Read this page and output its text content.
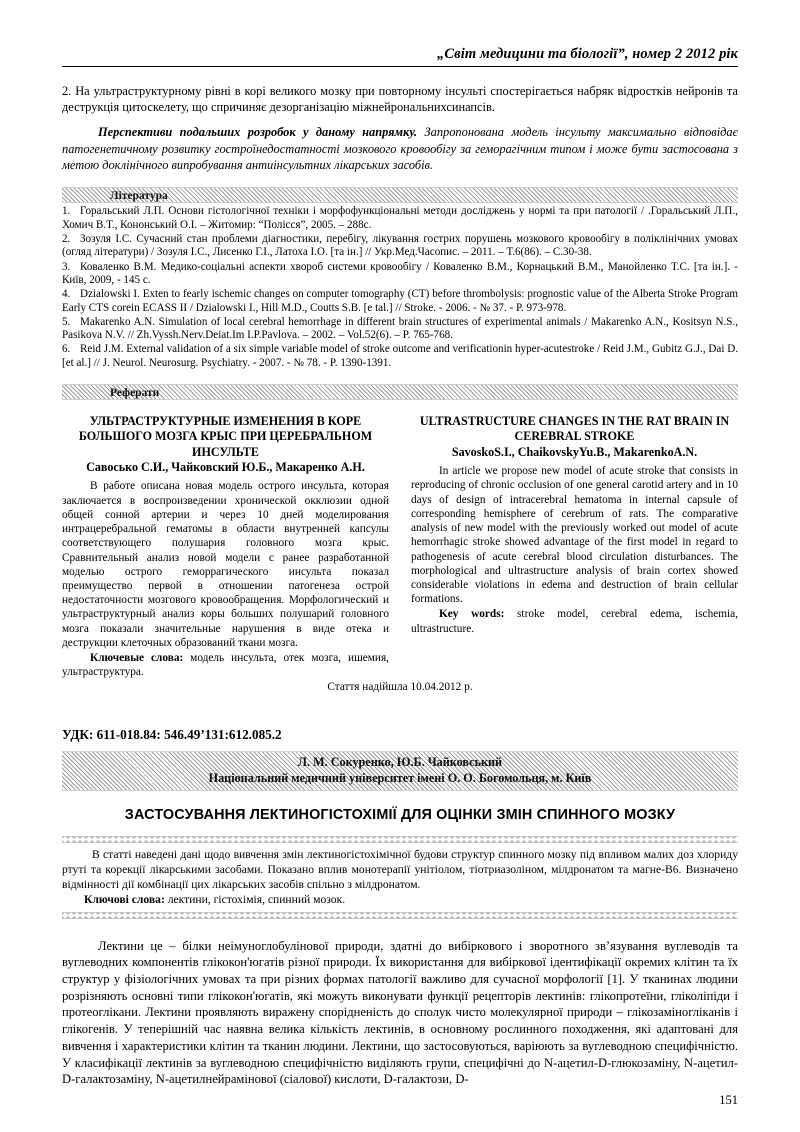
„Світ медицини та біології”, номер 2 2012 рік

2. На ультраструктурному рівні в корі великого мозку при повторному інсульті спостерігається набряк відростків нейронів та деструкція цитоскелету, що спричиняє дезорганізацію міжнейрональнихсинапсів.

Перспективи подальших розробок у даному напрямку. Запропонована модель інсульту максимально відповідає патогенетичному розвитку гостроїнедостатності мозкового кровообігу за геморагічним типом і може бути застосована з метою доклінічного випробування антиінсультних лікарських засобів.

Література

1. Горальський Л.П. Основи гістологічної техніки і морфофункціональні методи досліджень у нормі та при патології / .Горальський Л.П., Хомич В.Т., Кононський О.І. – Житомир: “Полісся”, 2005. – 288с.

2. Зозуля І.С. Сучасний стан проблеми діагностики, перебігу, лікування гострих порушень мозкового кровообігу в поліклінічних умовах (огляд літератури) / Зозуля І.С., Лисенко Г.І., Латоха І.О. [та ін.] // Укр.Мед.Часопис. – 2011. – Т.6(86). – С.30-38.

3. Коваленко В.М. Медико-соціальні аспекти хвороб системи кровообігу / Коваленко В.М., Корнацький В.М., Манойленко Т.С. [та ін.]. - Київ, 2009, - 145 с.

4. Dzialowski I. Exten to fearly ischemic changes on computer tomography (CT) before thrombolysis: prognostic value of the Alberta Stroke Program Early CTS corein ECASS II / Dzialowski I., Hill M.D., Coutts S.B. [e tal.] // Stroke. - 2006. - № 37. - P. 973-978.

5. Makarenko A.N. Simulation of local cerebral hemorrhage in different brain structures of experimental animals / Makarenko A.N., Kositsyn N.S., Pasikova N.V. // Zh.Vyssh.Nerv.Deiat.Im I.P.Pavlova. – 2002. – Vol.52(6). – P. 765-768.

6. Reid J.M. External validation of a six simple variable model of stroke outcome and verificationin hyper-acutestroke / Reid J.M., Gubitz G.J., Dai D. [et al.] // J. Neurol. Neurosurg. Psychiatry. - 2007. - № 78. - P. 1390-1391.

Реферати
УЛЬТРАСТРУКТУРНЫЕ ИЗМЕНЕНИЯ В КОРЕ БОЛЬШОГО МОЗГА КРЫС ПРИ ЦЕРЕБРАЛЬНОМ ИНСУЛЬТЕ
Савосько С.И., Чайковский Ю.Б., Макаренко А.Н.

В работе описана новая модель острого инсульта, которая заключается в воспроизведении хронической окклюзии одной общей сонной артерии и через 10 дней моделирования интрацеребральной гематомы в области внутренней капсулы соответствующего полушария головного мозга крыс. Сравнительный анализ новой модели с ранее разработанной моделью острого геморрагического инсульта показал преимущество первой в отношении патогенеза острой недостаточности мозгового кровообращения. Морфологический и ультраструктурный анализ коры больших полушарий головного мозга показали значительные нарушения в виде отека и деструкции клеточных образований ткани мозга.

Ключевые слова: модель инсульта, отек мозга, ишемия, ультраструктура.

ULTRASTRUCTURE CHANGES IN THE RAT BRAIN IN CEREBRAL STROKE
SavoskoS.I., ChaikovskyYu.B., MakarenkoA.N.

In article we propose new model of acute stroke that consists in reproducing of chronic occlusion of one general carotid artery and in 10 days of design of intracerebral hematoma in internal capsule of corresponding hemisphere of cerebrum of rats. The comparative analysis of new model with the previously worked out model of acute hemorrhagic stroke showed advantage of the first model in regard to pathogenesis of acute cerebral blood circulation disturbances. The morphological and ultrastructure analysis of brain cortex showed considerable violations in edema and destruction of brain cellular formations.

Key words: stroke model, cerebral edema, ischemia, ultrastructure.

Стаття надійшла 10.04.2012 р.
УДК: 611-018.84: 546.49’131:612.085.2
Л. М. Сокуренко, Ю.Б. Чайковський
Національний медичний університет імені О. О. Богомольця, м. Київ
ЗАСТОСУВАННЯ ЛЕКТИНОГІСТОХІМІЇ ДЛЯ ОЦІНКИ ЗМІН СПИННОГО МОЗКУ

В статті наведені дані щодо вивчення змін лектиногістохімічної будови структур спинного мозку під впливом малих доз хлориду ртуті та корекції лікарськими засобами. Показано вплив монотерапії унітіолом, тіотриазоліном, мілдронатом та магне-В6. Визначено відмінності дії комбінації цих лікарських засобів спільно з мілдронатом.

Ключові слова: лектини, гістохімія, спинний мозок.

Лектини це – білки неімуноглобулінової природи, здатні до вибіркового і зворотного зв’язування вуглеводів та вуглеводних компонентів глікокон'югатів різної природи. Їх використання для вибіркової ідентифікації окремих клітин та їх структур у фізіологічних умовах та при різних формах патології важливо для сучасної морфології [1]. У тканинах людини розрізняють основні типи глікокон'югатів, які можуть виконувати функції рецепторів лектинів: глікопротеїни, гліколіпіди і протеоглікани. Лектини проявляють виражену спорідненість до сполук чисто молекулярної природи – глікозаміногліканів і глікогенів. У теперішній час наявна велика кількість лектинів, в основному рослинного походження, які адаптовані для вивчення і характеристики клітин та тканин людини. Лектини, що застосовуються, варіюють за вуглеводною специфічністю. У класифікації лектинів за вуглеводною специфічністю виділяють групи, специфічні до N-ацетил-D-глюкозаміну, N-ацетил-D-галактозаміну, N-ацетилнейрамінової (сіалової) кислоти, D-галактози, D-

151
